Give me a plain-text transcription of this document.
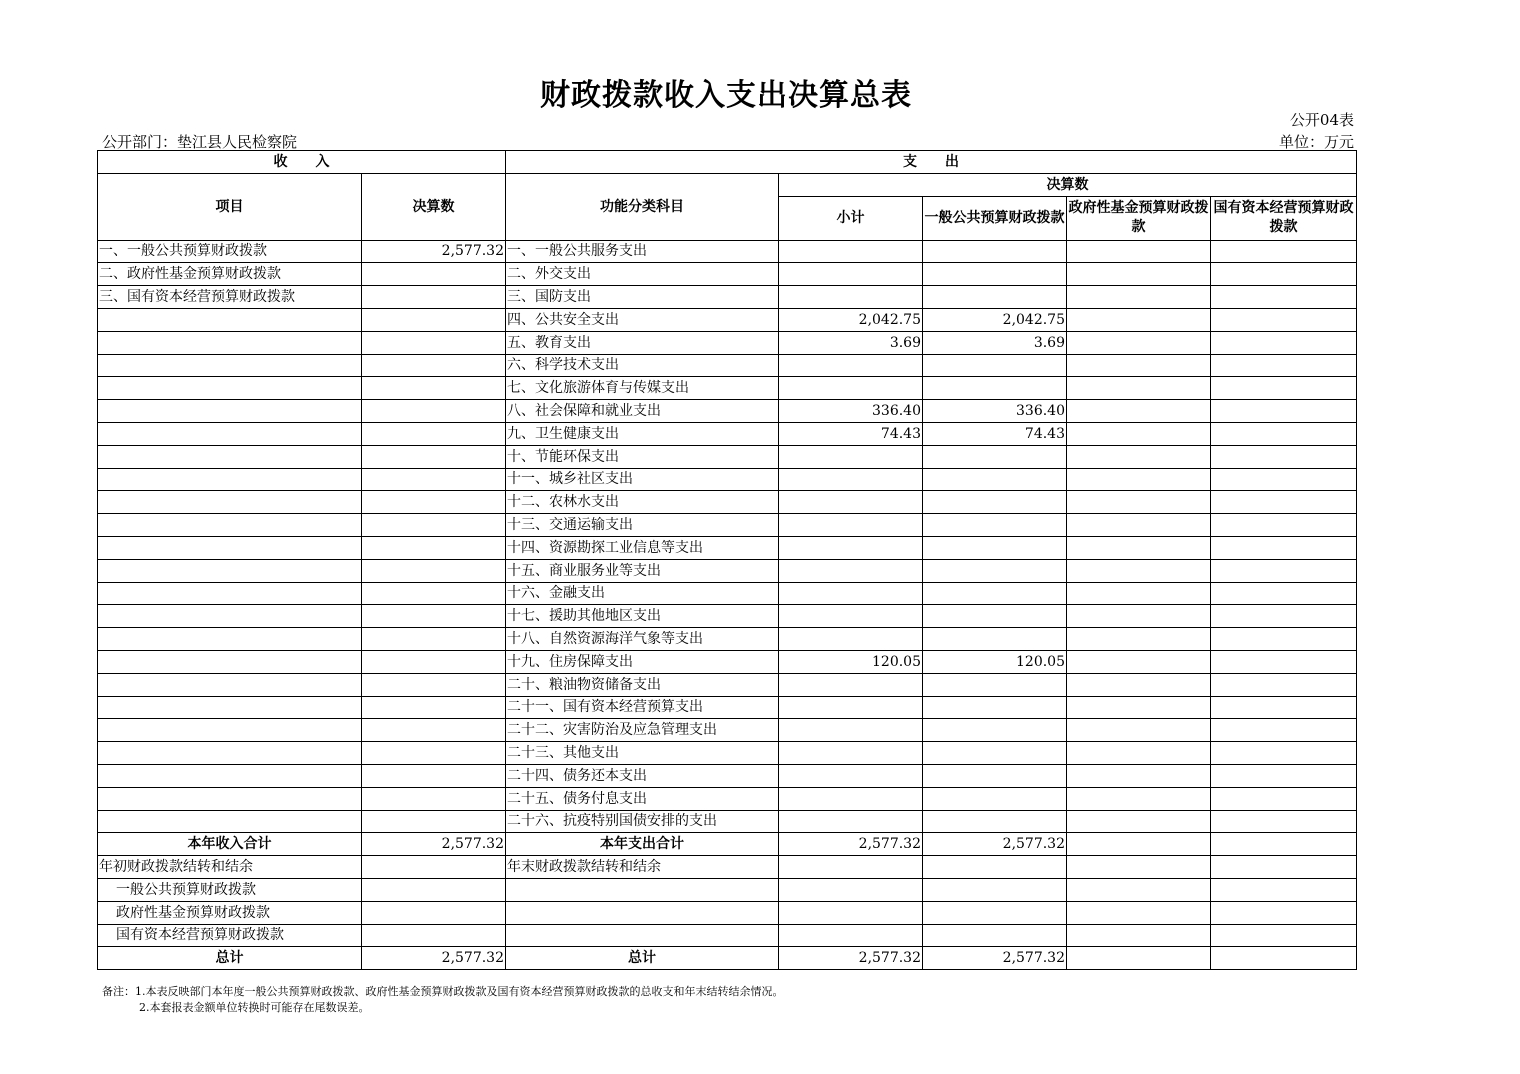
财政拨款收入支出决算总表
公开04表
公开部门：垫江县人民检察院	单位：万元
收　　入		支　　出				
项目	决算数	功能分类科目	决算数			
			小计	一般公共预算财政拨款	政府性基金预算财政拨款	国有资本经营预算财政拨款
一、一般公共预算财政拨款	2,577.32	一、一般公共服务支出				
二、政府性基金预算财政拨款		二、外交支出				
三、国有资本经营预算财政拨款		三、国防支出				
		四、公共安全支出	2,042.75	2,042.75		
		五、教育支出	3.69	3.69		
		六、科学技术支出				
		七、文化旅游体育与传媒支出				
		八、社会保障和就业支出	336.40	336.40		
		九、卫生健康支出	74.43	74.43		
		十、节能环保支出				
		十一、城乡社区支出				
		十二、农林水支出				
		十三、交通运输支出				
		十四、资源勘探工业信息等支出				
		十五、商业服务业等支出				
		十六、金融支出				
		十七、援助其他地区支出				
		十八、自然资源海洋气象等支出				
		十九、住房保障支出	120.05	120.05		
		二十、粮油物资储备支出				
		二十一、国有资本经营预算支出				
		二十二、灾害防治及应急管理支出				
		二十三、其他支出				
		二十四、债务还本支出				
		二十五、债务付息支出				
		二十六、抗疫特别国债安排的支出				
本年收入合计	2,577.32	本年支出合计	2,577.32	2,577.32		
年初财政拨款结转和结余		年末财政拨款结转和结余				
一般公共预算财政拨款						
政府性基金预算财政拨款						
国有资本经营预算财政拨款						
总计	2,577.32	总计	2,577.32	2,577.32		
备注：1.本表反映部门本年度一般公共预算财政拨款、政府性基金预算财政拨款及国有资本经营预算财政拨款的总收支和年末结转结余情况。
2.本套报表金额单位转换时可能存在尾数误差。
